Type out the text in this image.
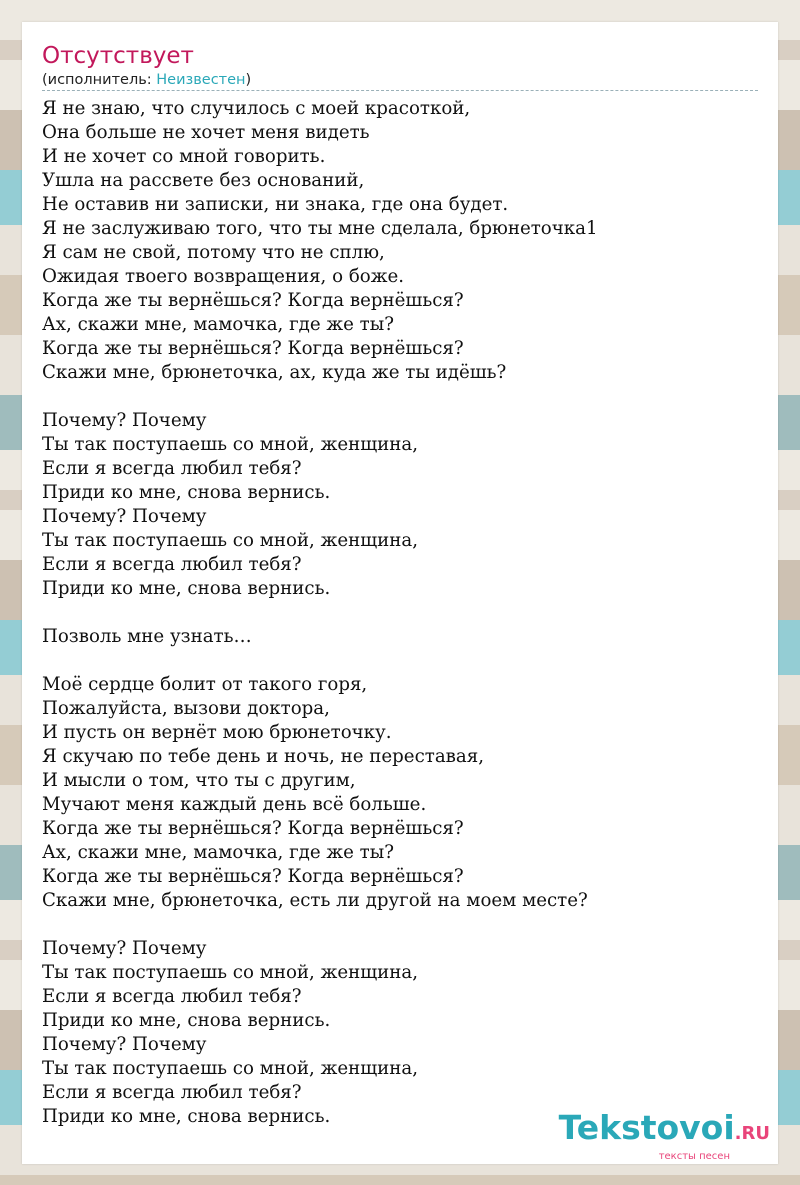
Отсутствует
(исполнитель: Неизвестен)
Я не знаю, что случилось с моей красоткой,
Она больше не хочет меня видеть
И не хочет со мной говорить.
Ушла на рассвете без оснований,
Не оставив ни записки, ни знака, где она будет.
Я не заслуживаю того, что ты мне сделала, брюнеточка1
Я сам не свой, потому что не сплю,
Ожидая твоего возвращения, о боже.
Когда же ты вернёшься? Когда вернёшься?
Ах, скажи мне, мамочка, где же ты?
Когда же ты вернёшься? Когда вернёшься?
Скажи мне, брюнеточка, ах, куда же ты идёшь?
Почему? Почему
Ты так поступаешь со мной, женщина,
Если я всегда любил тебя?
Приди ко мне, снова вернись.
Почему? Почему
Ты так поступаешь со мной, женщина,
Если я всегда любил тебя?
Приди ко мне, снова вернись.
Позволь мне узнать…
Моё сердце болит от такого горя,
Пожалуйста, вызови доктора,
И пусть он вернёт мою брюнеточку.
Я скучаю по тебе день и ночь, не переставая,
И мысли о том, что ты с другим,
Мучают меня каждый день всё больше.
Когда же ты вернёшься? Когда вернёшься?
Ах, скажи мне, мамочка, где же ты?
Когда же ты вернёшься? Когда вернёшься?
Скажи мне, брюнеточка, есть ли другой на моем месте?
Почему? Почему
Ты так поступаешь со мной, женщина,
Если я всегда любил тебя?
Приди ко мне, снова вернись.
Почему? Почему
Ты так поступаешь со мной, женщина,
Если я всегда любил тебя?
Приди ко мне, снова вернись.	Tekstovoi.RU
тексты песен
